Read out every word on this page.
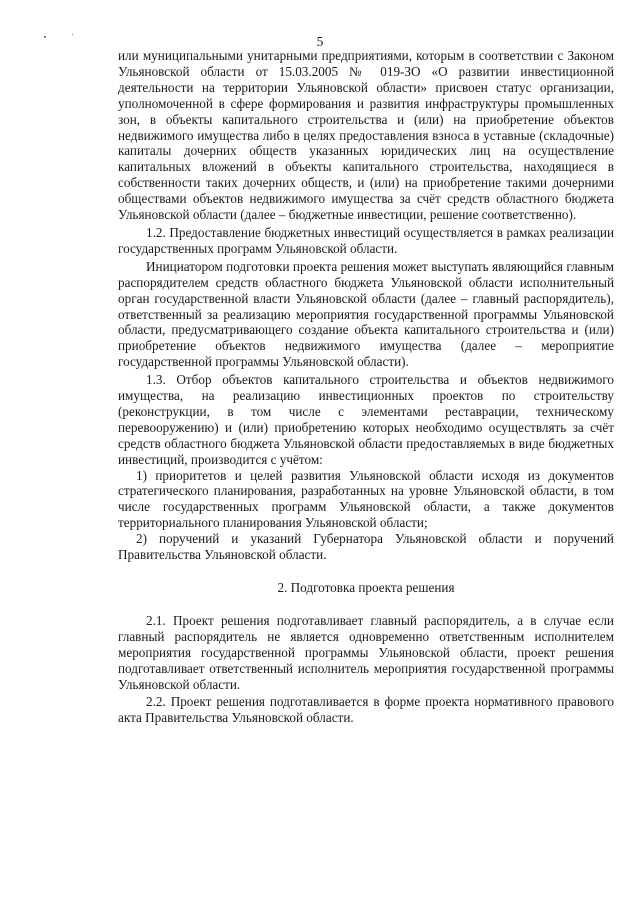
5

или муниципальными унитарными предприятиями, которым в соответствии с Законом Ульяновской области от 15.03.2005 № 019-ЗО «О развитии инвестиционной деятельности на территории Ульяновской области» присвоен статус организации, уполномоченной в сфере формирования и развития инфраструктуры промышленных зон, в объекты капитального строительства и (или) на приобретение объектов недвижимого имущества либо в целях предоставления взноса в уставные (складочные) капиталы дочерних обществ указанных юридических лиц на осуществление капитальных вложений в объекты капитального строительства, находящиеся в собственности таких дочерних обществ, и (или) на приобретение такими дочерними обществами объектов недвижимого имущества за счёт средств областного бюджета Ульяновской области (далее – бюджетные инвестиции, решение соответственно).

1.2. Предоставление бюджетных инвестиций осуществляется в рамках реализации государственных программ Ульяновской области.

Инициатором подготовки проекта решения может выступать являющийся главным распорядителем средств областного бюджета Ульяновской области исполнительный орган государственной власти Ульяновской области (далее – главный распорядитель), ответственный за реализацию мероприятия государственной программы Ульяновской области, предусматривающего создание объекта капитального строительства и (или) приобретение объектов недвижимого имущества (далее – мероприятие государственной программы Ульяновской области).

1.3. Отбор объектов капитального строительства и объектов недвижимого имущества, на реализацию инвестиционных проектов по строительству (реконструкции, в том числе с элементами реставрации, техническому перевооружению) и (или) приобретению которых необходимо осуществлять за счёт средств областного бюджета Ульяновской области предоставляемых в виде бюджетных инвестиций, производится с учётом:

1) приоритетов и целей развития Ульяновской области исходя из документов стратегического планирования, разработанных на уровне Ульяновской области, в том числе государственных программ Ульяновской области, а также документов территориального планирования Ульяновской области;

2) поручений и указаний Губернатора Ульяновской области и поручений Правительства Ульяновской области.

2. Подготовка проекта решения

2.1. Проект решения подготавливает главный распорядитель, а в случае если главный распорядитель не является одновременно ответственным исполнителем мероприятия государственной программы Ульяновской области, проект решения подготавливает ответственный исполнитель мероприятия государственной программы Ульяновской области.

2.2. Проект решения подготавливается в форме проекта нормативного правового акта Правительства Ульяновской области.
